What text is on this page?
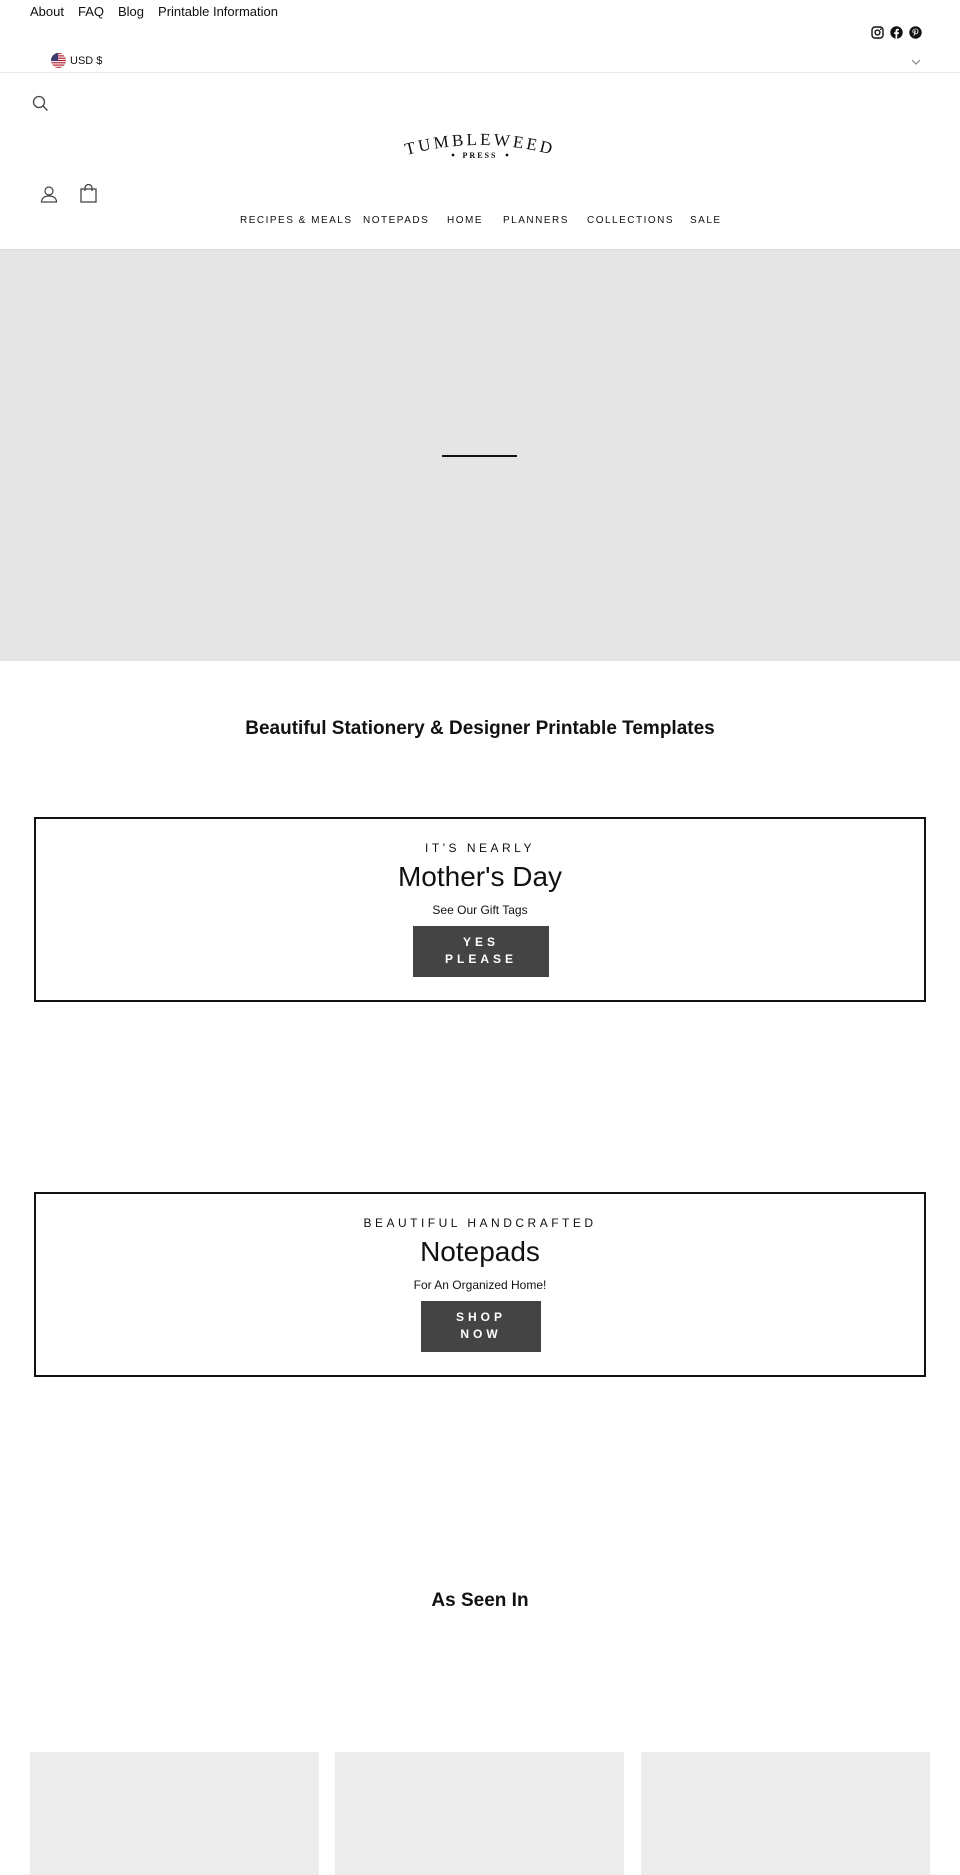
About FAQ Blog Printable Information
USD $
TUMBLEWEED
PRESS
RECIPES & MEALS NOTEPADS HOME PLANNERS COLLECTIONS SALE
Beautiful Stationery & Designer Printable Templates
IT'S NEARLY
Mother's Day
See Our Gift Tags
YES
PLEASE
BEAUTIFUL HANDCRAFTED
Notepads
For An Organized Home!
SHOP
NOW
As Seen In
